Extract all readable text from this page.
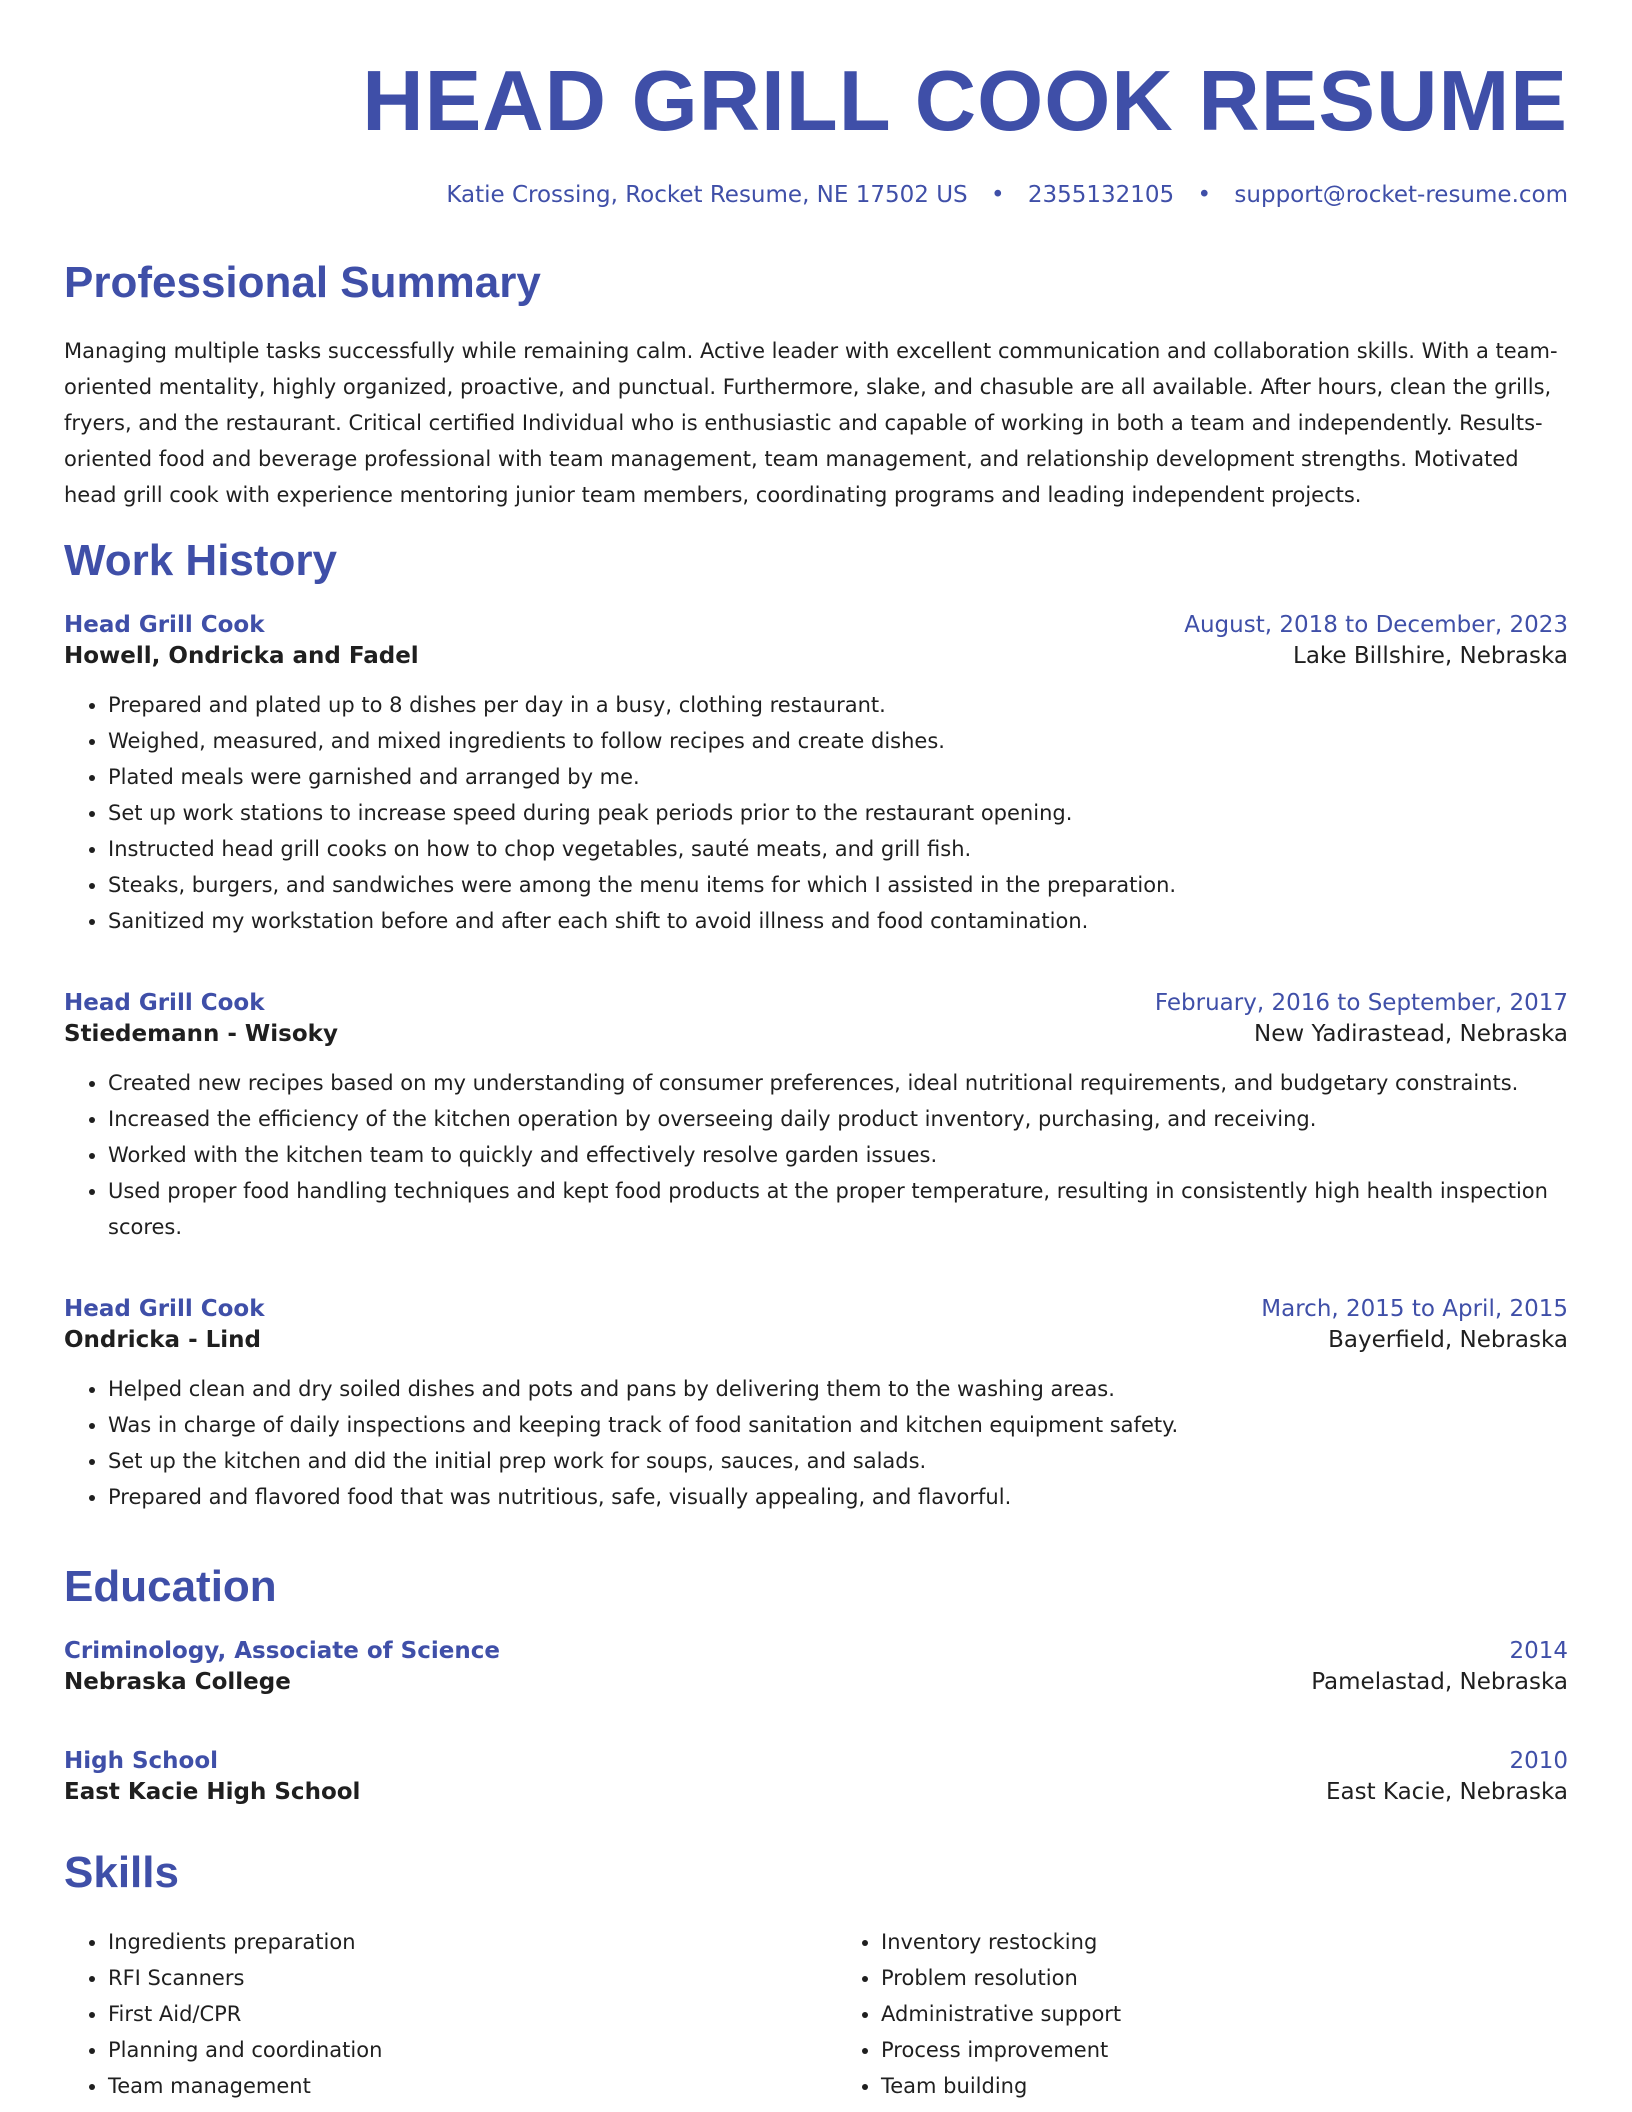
HEAD GRILL COOK RESUME
Katie Crossing, Rocket Resume, NE 17502 US • 2355132105 • support@rocket-resume.com
Professional Summary

Managing multiple tasks successfully while remaining calm. Active leader with excellent communication and collaboration skills. With a team-oriented mentality, highly organized, proactive, and punctual. Furthermore, slake, and chasuble are all available. After hours, clean the grills, fryers, and the restaurant. Critical certified Individual who is enthusiastic and capable of working in both a team and independently. Results-oriented food and beverage professional with team management, team management, and relationship development strengths. Motivated head grill cook with experience mentoring junior team members, coordinating programs and leading independent projects.

Work History
Head Grill Cook	August, 2018 to December, 2023
Howell, Ondricka and Fadel	Lake Billshire, Nebraska
• Prepared and plated up to 8 dishes per day in a busy, clothing restaurant.
• Weighed, measured, and mixed ingredients to follow recipes and create dishes.
• Plated meals were garnished and arranged by me.
• Set up work stations to increase speed during peak periods prior to the restaurant opening.
• Instructed head grill cooks on how to chop vegetables, sauté meats, and grill fish.
• Steaks, burgers, and sandwiches were among the menu items for which I assisted in the preparation.
• Sanitized my workstation before and after each shift to avoid illness and food contamination.
Head Grill Cook	February, 2016 to September, 2017
Stiedemann - Wisoky	New Yadirastead, Nebraska
• Created new recipes based on my understanding of consumer preferences, ideal nutritional requirements, and budgetary constraints.
• Increased the efficiency of the kitchen operation by overseeing daily product inventory, purchasing, and receiving.
• Worked with the kitchen team to quickly and effectively resolve garden issues.
• Used proper food handling techniques and kept food products at the proper temperature, resulting in consistently high health inspection scores.
Head Grill Cook	March, 2015 to April, 2015
Ondricka - Lind	Bayerfield, Nebraska
• Helped clean and dry soiled dishes and pots and pans by delivering them to the washing areas.
• Was in charge of daily inspections and keeping track of food sanitation and kitchen equipment safety.
• Set up the kitchen and did the initial prep work for soups, sauces, and salads.
• Prepared and flavored food that was nutritious, safe, visually appealing, and flavorful.
Education
Criminology, Associate of Science	2014
Nebraska College	Pamelastad, Nebraska
High School	2010
East Kacie High School	East Kacie, Nebraska
Skills
• Ingredients preparation
• RFI Scanners
• First Aid/CPR
• Planning and coordination
• Team management
• Inventory restocking
• Problem resolution
• Administrative support
• Process improvement
• Team building
